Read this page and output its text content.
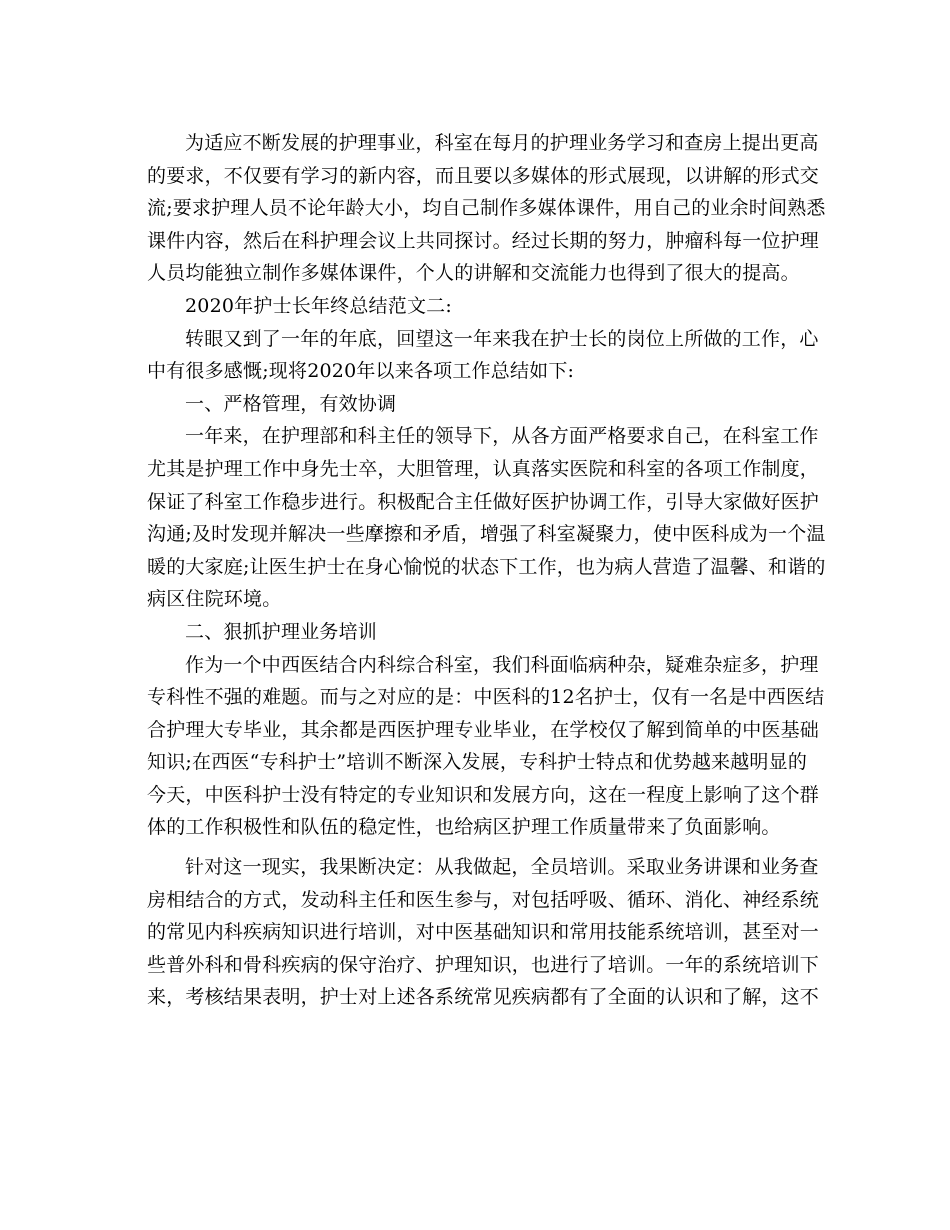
为适应不断发展的护理事业，科室在每月的护理业务学习和查房上提出更高
的要求，不仅要有学习的新内容，而且要以多媒体的形式展现，以讲解的形式交
流;要求护理人员不论年龄大小，均自己制作多媒体课件，用自己的业余时间熟悉
课件内容，然后在科护理会议上共同探讨。经过长期的努力，肿瘤科每一位护理
人员均能独立制作多媒体课件，个人的讲解和交流能力也得到了很大的提高。
2020年护士长年终总结范文二:
转眼又到了一年的年底，回望这一年来我在护士长的岗位上所做的工作，心
中有很多感慨;现将2020年以来各项工作总结如下:
一、严格管理，有效协调
一年来，在护理部和科主任的领导下，从各方面严格要求自己，在科室工作
尤其是护理工作中身先士卒，大胆管理，认真落实医院和科室的各项工作制度，
保证了科室工作稳步进行。积极配合主任做好医护协调工作，引导大家做好医护
沟通;及时发现并解决一些摩擦和矛盾，增强了科室凝聚力，使中医科成为一个温
暖的大家庭;让医生护士在身心愉悦的状态下工作，也为病人营造了温馨、和谐的
病区住院环境。
二、狠抓护理业务培训
作为一个中西医结合内科综合科室，我们科面临病种杂，疑难杂症多，护理
专科性不强的难题。而与之对应的是：中医科的12名护士，仅有一名是中西医结
合护理大专毕业，其余都是西医护理专业毕业，在学校仅了解到简单的中医基础
知识;在西医“专科护士”培训不断深入发展，专科护士特点和优势越来越明显的
今天，中医科护士没有特定的专业知识和发展方向，这在一程度上影响了这个群
体的工作积极性和队伍的稳定性，也给病区护理工作质量带来了负面影响。
针对这一现实，我果断决定：从我做起，全员培训。采取业务讲课和业务查
房相结合的方式，发动科主任和医生参与，对包括呼吸、循环、消化、神经系统
的常见内科疾病知识进行培训，对中医基础知识和常用技能系统培训，甚至对一
些普外科和骨科疾病的保守治疗、护理知识，也进行了培训。一年的系统培训下
来，考核结果表明，护士对上述各系统常见疾病都有了全面的认识和了解，这不
